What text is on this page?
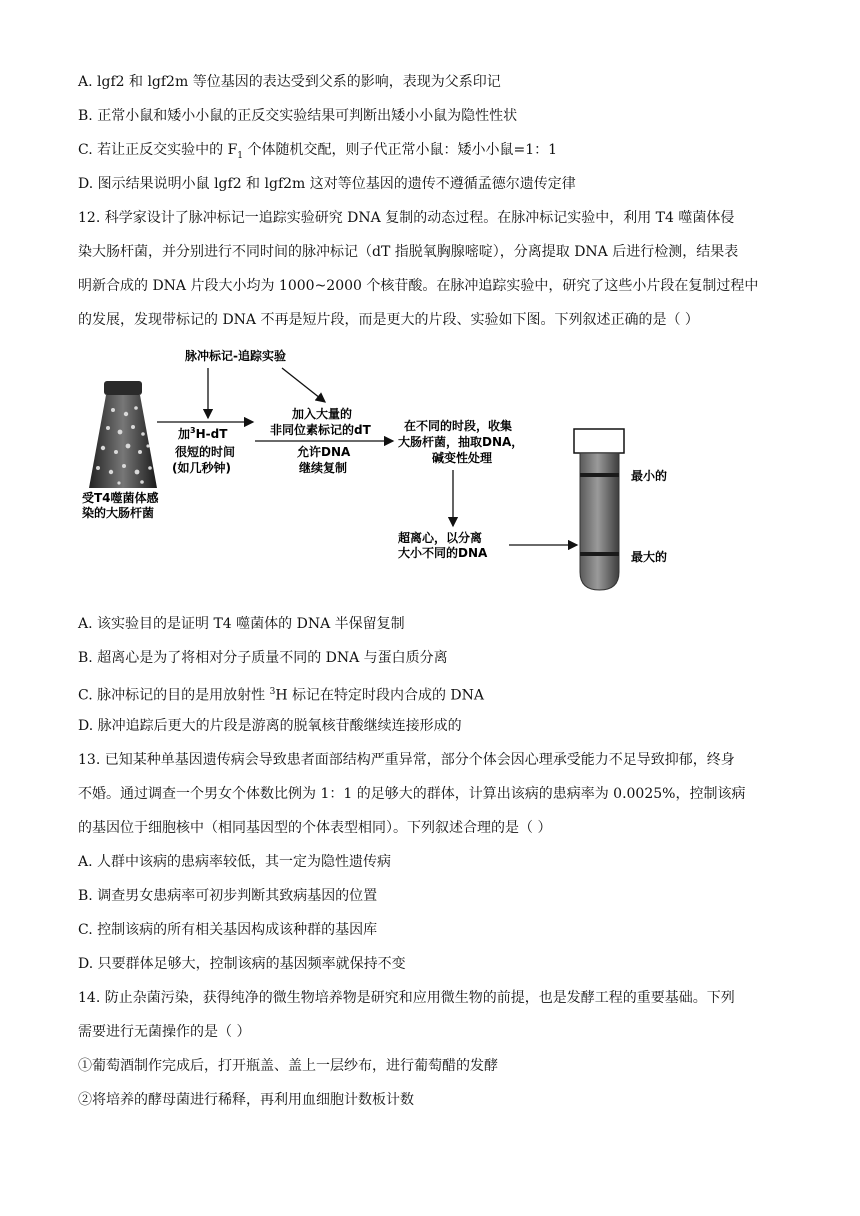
A. lgf2 和 lgf2m 等位基因的表达受到父系的影响，表现为父系印记
B. 正常小鼠和矮小小鼠的正反交实验结果可判断出矮小小鼠为隐性性状
C. 若让正反交实验中的 $F_1$ 个体随机交配，则子代正常小鼠：矮小小鼠=1：1
D. 图示结果说明小鼠 lgf2 和 lgf2m 这对等位基因的遗传不遵循孟德尔遗传定律
12. 科学家设计了脉冲标记一追踪实验研究 DNA 复制的动态过程。在脉冲标记实验中，利用 T4 噬菌体侵
染大肠杆菌，并分别进行不同时间的脉冲标记（dT 指脱氧胸腺嘧啶），分离提取 DNA 后进行检测，结果表
明新合成的 DNA 片段大小均为 1000~2000 个核苷酸。在脉冲追踪实验中，研究了这些小片段在复制过程中
的发展，发现带标记的 DNA 不再是短片段，而是更大的片段、实验如下图。下列叙述正确的是（ ）
脉冲标记-追踪实验
受T4噬菌体感
染的大肠杆菌
加$^3$H-dT
很短的时间
(如几秒钟)
加入大量的
非同位素标记的dT
允许DNA
继续复制
在不同的时段，收集
大肠杆菌，抽取DNA，
碱变性处理
超离心，以分离
大小不同的DNA
最小的
最大的
A. 该实验目的是证明 T4 噬菌体的 DNA 半保留复制
B. 超离心是为了将相对分子质量不同的 DNA 与蛋白质分离
C. 脉冲标记的目的是用放射性 $^3$H 标记在特定时段内合成的 DNA
D. 脉冲追踪后更大的片段是游离的脱氧核苷酸继续连接形成的
13. 已知某种单基因遗传病会导致患者面部结构严重异常，部分个体会因心理承受能力不足导致抑郁，终身
不婚。通过调查一个男女个体数比例为 1：1 的足够大的群体，计算出该病的患病率为 0.0025%，控制该病
的基因位于细胞核中（相同基因型的个体表型相同）。下列叙述合理的是（ ）
A. 人群中该病的患病率较低，其一定为隐性遗传病
B. 调查男女患病率可初步判断其致病基因的位置
C. 控制该病的所有相关基因构成该种群的基因库
D. 只要群体足够大，控制该病的基因频率就保持不变
14. 防止杂菌污染，获得纯净的微生物培养物是研究和应用微生物的前提，也是发酵工程的重要基础。下列
需要进行无菌操作的是（ ）
①葡萄酒制作完成后，打开瓶盖、盖上一层纱布，进行葡萄醋的发酵
②将培养的酵母菌进行稀释，再利用血细胞计数板计数
